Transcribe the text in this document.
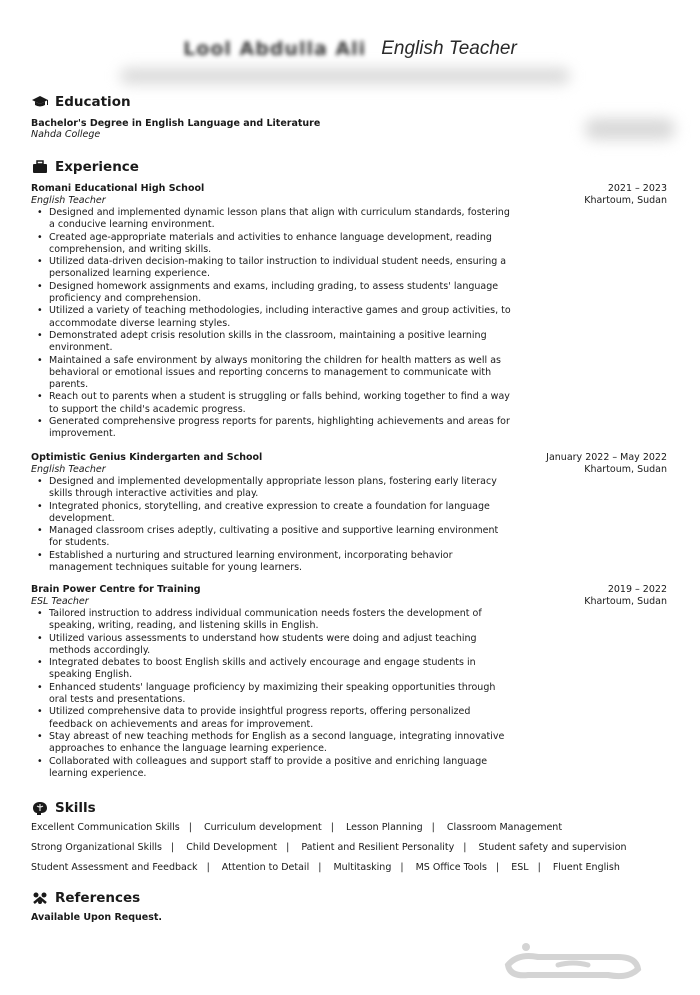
Lool Abdulla Ali English Teacher
Education
Bachelor's Degree in English Language and Literature
Nahda College
Experience
Romani Educational High School	2021 – 2023
English Teacher	Khartoum, Sudan
• Designed and implemented dynamic lesson plans that align with curriculum standards, fostering a conducive learning environment.
• Created age-appropriate materials and activities to enhance language development, reading comprehension, and writing skills.
• Utilized data-driven decision-making to tailor instruction to individual student needs, ensuring a personalized learning experience.
• Designed homework assignments and exams, including grading, to assess students' language proficiency and comprehension.
• Utilized a variety of teaching methodologies, including interactive games and group activities, to accommodate diverse learning styles.
• Demonstrated adept crisis resolution skills in the classroom, maintaining a positive learning environment.
• Maintained a safe environment by always monitoring the children for health matters as well as behavioral or emotional issues and reporting concerns to management to communicate with parents.
• Reach out to parents when a student is struggling or falls behind, working together to find a way to support the child's academic progress.
• Generated comprehensive progress reports for parents, highlighting achievements and areas for improvement.
Optimistic Genius Kindergarten and School	January 2022 – May 2022
English Teacher	Khartoum, Sudan
• Designed and implemented developmentally appropriate lesson plans, fostering early literacy skills through interactive activities and play.
• Integrated phonics, storytelling, and creative expression to create a foundation for language development.
• Managed classroom crises adeptly, cultivating a positive and supportive learning environment for students.
• Established a nurturing and structured learning environment, incorporating behavior management techniques suitable for young learners.
Brain Power Centre for Training	2019 – 2022
ESL Teacher	Khartoum, Sudan
• Tailored instruction to address individual communication needs fosters the development of speaking, writing, reading, and listening skills in English.
• Utilized various assessments to understand how students were doing and adjust teaching methods accordingly.
• Integrated debates to boost English skills and actively encourage and engage students in speaking English.
• Enhanced students' language proficiency by maximizing their speaking opportunities through oral tests and presentations.
• Utilized comprehensive data to provide insightful progress reports, offering personalized feedback on achievements and areas for improvement.
• Stay abreast of new teaching methods for English as a second language, integrating innovative approaches to enhance the language learning experience.
• Collaborated with colleagues and support staff to provide a positive and enriching language learning experience.
Skills
Excellent Communication Skills | Curriculum development | Lesson Planning | Classroom Management
Strong Organizational Skills | Child Development | Patient and Resilient Personality | Student safety and supervision
Student Assessment and Feedback | Attention to Detail | Multitasking | MS Office Tools | ESL | Fluent English
References
Available Upon Request.
